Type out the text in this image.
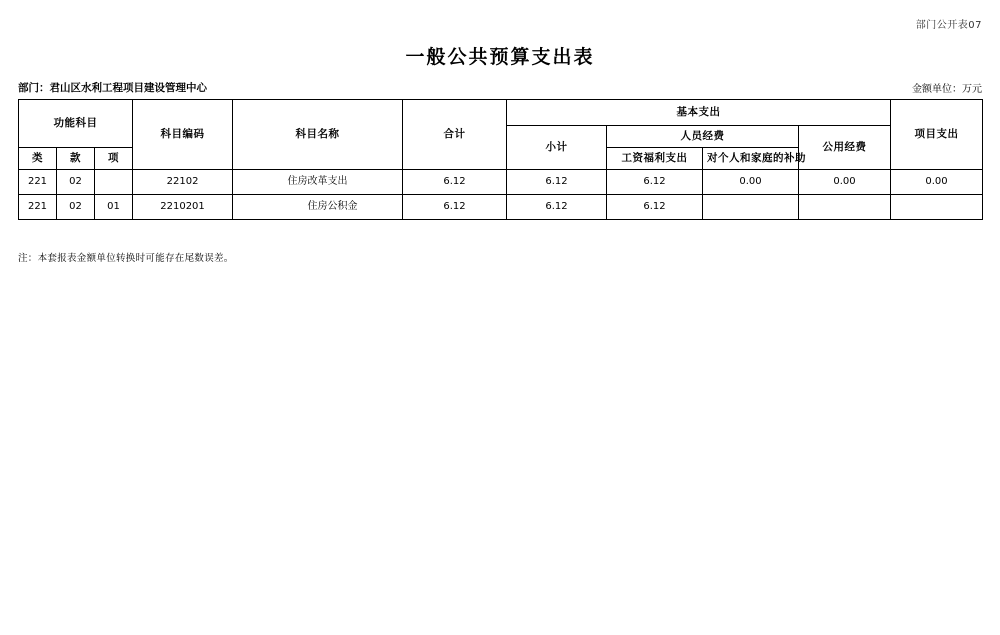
部门公开表07
一般公共预算支出表
部门：君山区水利工程项目建设管理中心	金额单位：万元
功能科目			科目编码	科目名称	合计	基本支出				项目支出
						小计	人员经费		公用经费	
类	款	项					工资福利支出	对个人和家庭的补助		
221	02		22102	住房改革支出	6.12	6.12	6.12	0.00	0.00	0.00
221	02	01	2210201	住房公积金	6.12	6.12	6.12			
注：本套报表金额单位转换时可能存在尾数误差。
